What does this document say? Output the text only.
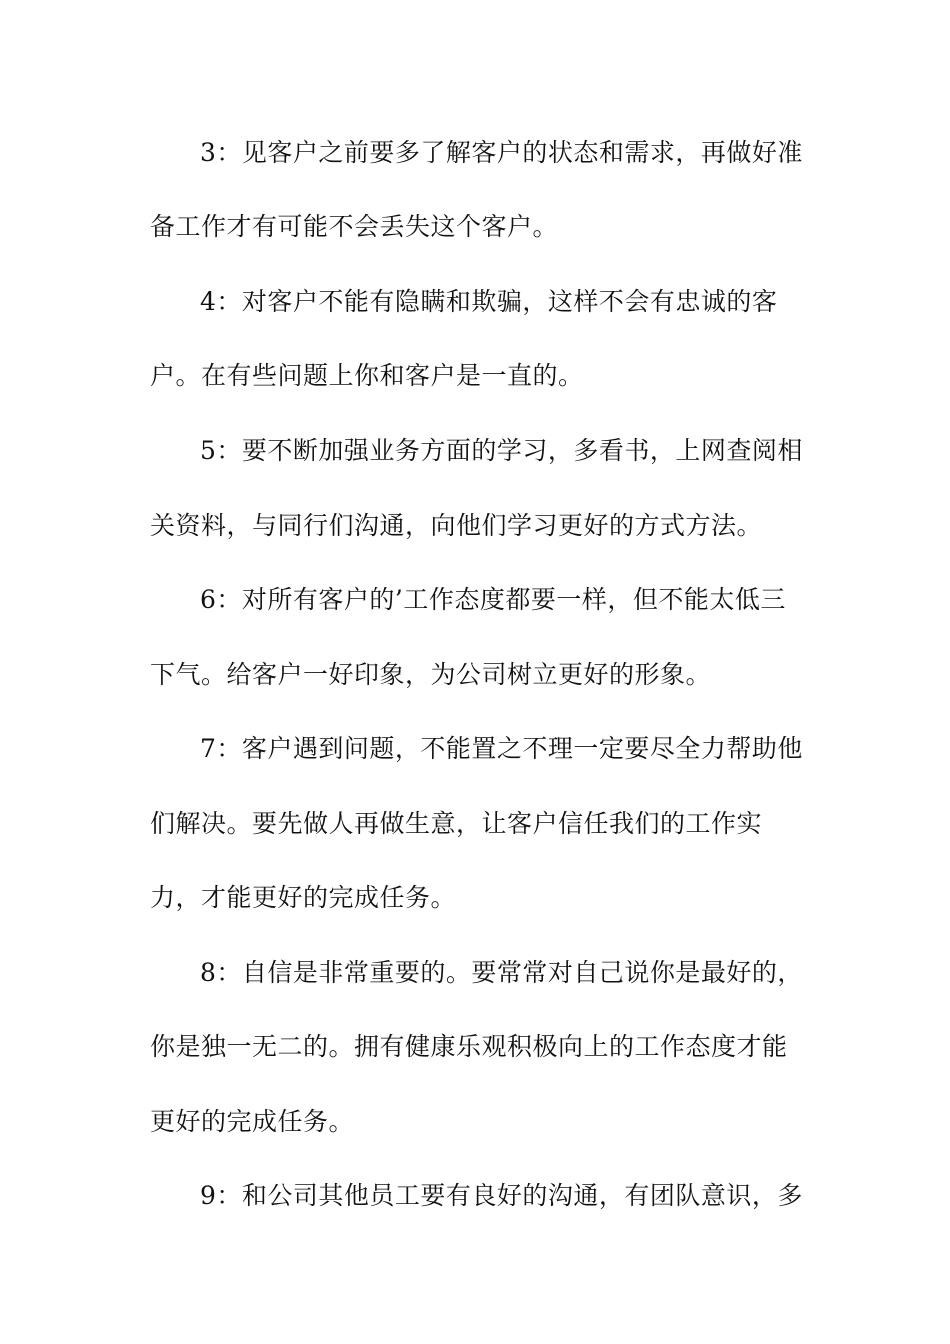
3：见客户之前要多了解客户的状态和需求，再做好准
备工作才有可能不会丢失这个客户。
4：对客户不能有隐瞒和欺骗，这样不会有忠诚的客
户。在有些问题上你和客户是一直的。
5：要不断加强业务方面的学习，多看书，上网查阅相
关资料，与同行们沟通，向他们学习更好的方式方法。
6：对所有客户的’工作态度都要一样，但不能太低三
下气。给客户一好印象，为公司树立更好的形象。
7：客户遇到问题，不能置之不理一定要尽全力帮助他
们解决。要先做人再做生意，让客户信任我们的工作实
力，才能更好的完成任务。
8：自信是非常重要的。要常常对自己说你是最好的，
你是独一无二的。拥有健康乐观积极向上的工作态度才能
更好的完成任务。
9：和公司其他员工要有良好的沟通，有团队意识，多
